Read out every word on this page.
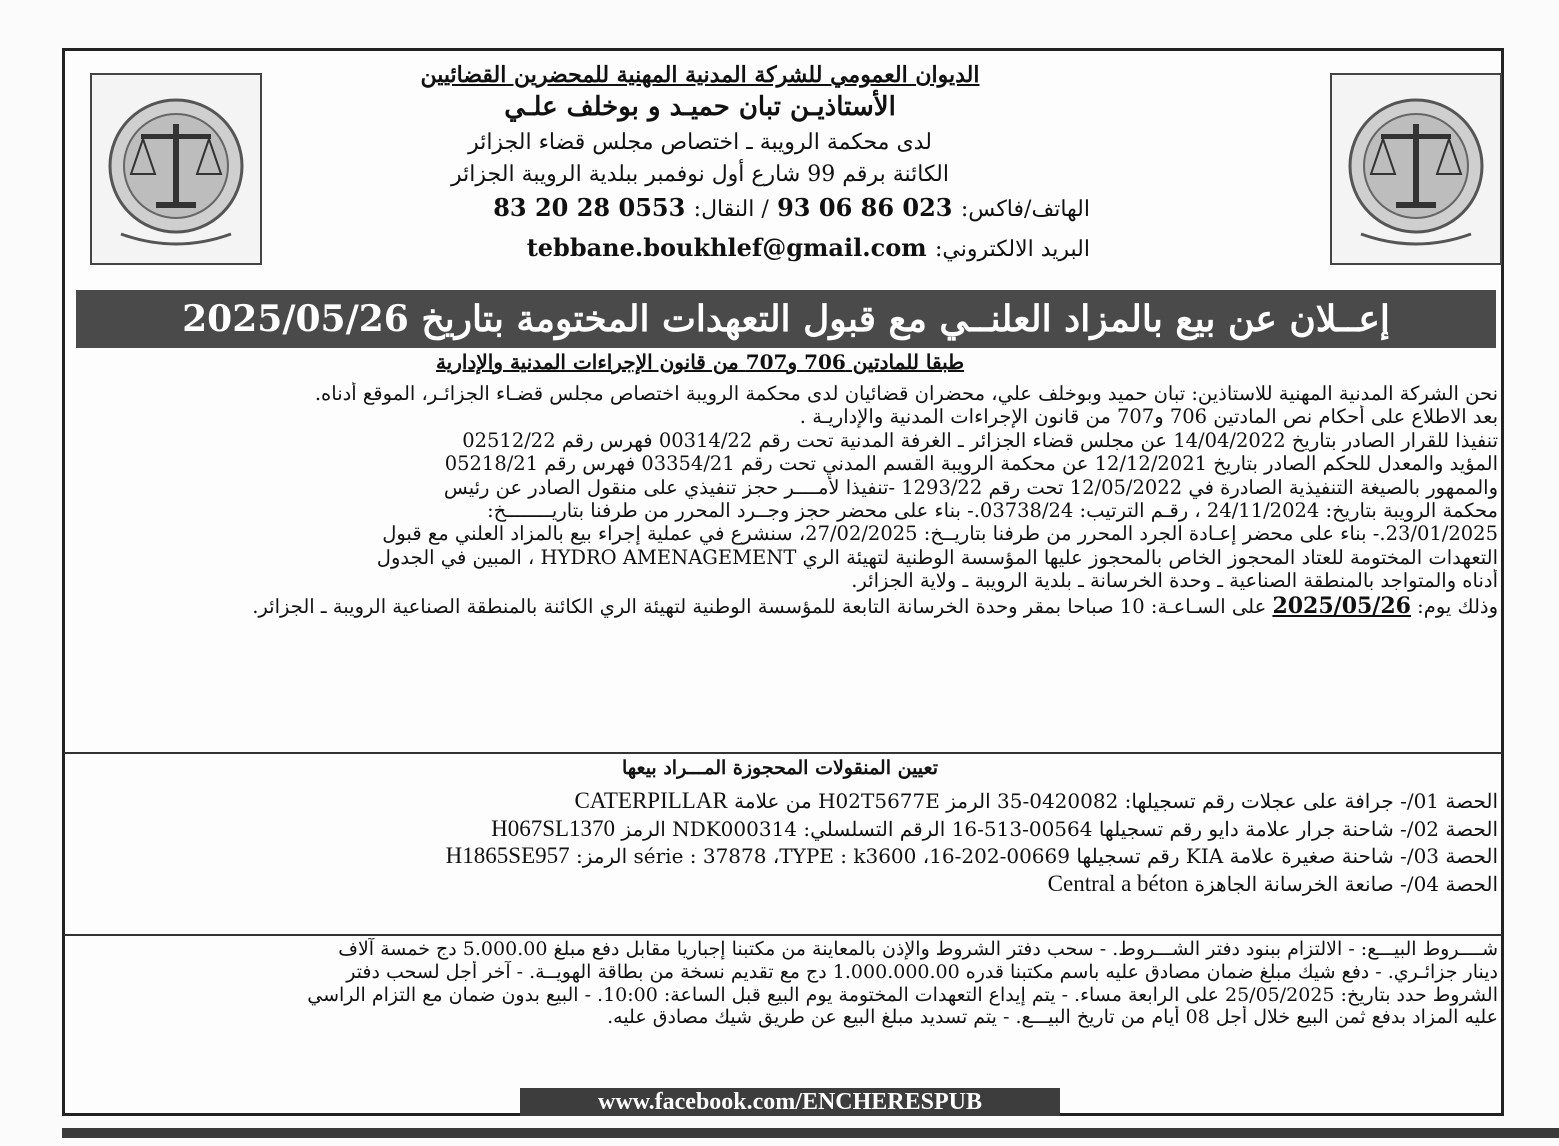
الديوان العمومي للشركة المدنية المهنية للمحضرين القضائيين
الأستاذيـن تبان حميـد و بوخلف علـي
لدى محكمة الرويبة ـ اختصاص مجلس قضاء الجزائر
الكائنة برقم 99 شارع أول نوفمبر ببلدية الرويبة الجزائر
الهاتف/فاكس: 023 86 06 93 / النقال: 0553 28 20 83
البريد الالكتروني: tebbane.boukhlef@gmail.com
إعــلان عن بيع بالمزاد العلنــي مع قبول التعهدات المختومة بتاريخ 2025/05/26
طبقا للمادتين 706 و707 من قانون الإجراءات المدنية والإدارية
نحن الشركة المدنية المهنية للاستاذين: تبان حميد وبوخلف علي، محضران قضائيان لدى محكمة الرويبة اختصاص مجلس قضـاء الجزائـر، الموقع أدناه.
بعد الاطلاع على أحكام نص المادتين 706 و707 من قانون الإجراءات المدنية والإداريـة .
تنفيذا للقرار الصادر بتاريخ 14/04/2022 عن مجلس قضاء الجزائر ـ الغرفة المدنية تحت رقم 00314/22 فهرس رقم 02512/22
المؤيد والمعدل للحكم الصادر بتاريخ 12/12/2021 عن محكمة الرويبة القسم المدني تحت رقم 03354/21 فهرس رقم 05218/21
والممهور بالصيغة التنفيذية الصادرة في 12/05/2022 تحت رقم 1293/22 -تنفيذا لأمــــر حجز تنفيذي على منقول الصادر عن رئيس
محكمة الرويبة بتاريخ: 24/11/2024 ، رقـم الترتيب: 03738/24.- بناء على محضر حجز وجــرد المحرر من طرفنا بتاريــــــــخ:
23/01/2025.- بناء على محضر إعـادة الجرد المحرر من طرفنا بتاريــخ: 27/02/2025، سنشرع في عملية إجراء بيع بالمزاد العلني مع قبول
التعهدات المختومة للعتاد المحجوز الخاص بالمحجوز عليها المؤسسة الوطنية لتهيئة الري HYDRO AMENAGEMENT ، المبين في الجدول
أدناه والمتواجد بالمنطقة الصناعية ـ وحدة الخرسانة ـ بلدية الرويبة ـ ولاية الجزائر.
وذلك يوم: 2025/05/26 على السـاعـة: 10 صباحا بمقر وحدة الخرسانة التابعة للمؤسسة الوطنية لتهيئة الري الكائنة بالمنطقة الصناعية الرويبة ـ الجزائر.
تعيين المنقولات المحجوزة المـــراد بيعها
الحصة 01/- جرافة على عجلات رقم تسجيلها: 0420082-35 الرمز H02T5677E من علامة CATERPILLAR
الحصة 02/- شاحنة جرار علامة دايو رقم تسجيلها 00564-513-16 الرقم التسلسلي: NDK000314 الرمز H067SL1370
الحصة 03/- شاحنة صغيرة علامة KIA رقم تسجيلها 00669-202-16، série : 37878 ،TYPE : k3600 الرمز: H1865SE957
الحصة 04/- صانعة الخرسانة الجاهزة Central a béton
شــــروط البيـــع: - الالتزام ببنود دفتر الشـــروط. - سحب دفتر الشروط والإذن بالمعاينة من مكتبنا إجباريا مقابل دفع مبلغ 5.000.00 دج خمسة آلاف
دينار جزائـري. - دفع شيك مبلغ ضمان مصادق عليه باسم مكتبنا قدره 1.000.000.00 دج مع تقديم نسخة من بطاقة الهويــة. - آخر أجل لسحب دفتر
الشروط حدد بتاريخ: 25/05/2025 على الرابعة مساء. - يتم إيداع التعهدات المختومة يوم البيع قبل الساعة: 10:00. - البيع بدون ضمان مع التزام الراسي
عليه المزاد بدفع ثمن البيع خلال أجل 08 أيام من تاريخ البيـــع. - يتم تسديد مبلغ البيع عن طريق شيك مصادق عليه.
www.facebook.com/ENCHERESPUB
